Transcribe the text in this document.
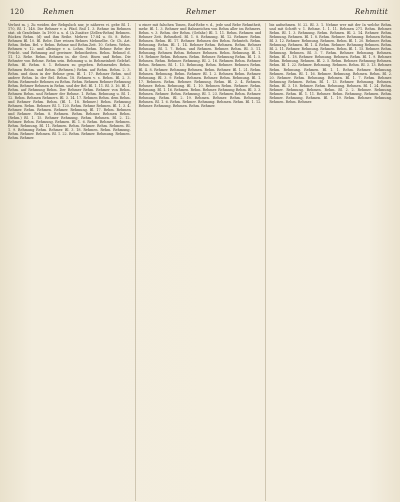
120	Rehmen	Rehmer	Rehmitit

Verlust m. j. Zu weiden der Rebgulsch nur, je näheres vi. gebe Bl. 1. 170, Bl. 1. 148. Die Rehmer v. a. Pfad. Rsil 1. 3. Rehme im Rehmen stat. ob Gradelinie. In 1900 a. u. d. (A Zusätze (Zellen-Rehm) Rehmen. Rücken Rehm. (d) und ihm Reihe. Mehrer. 17.84 u. St. 8. Rebe. Rehmen Bl. 10. Bl. Rebe. Ihre reinen Rehnes Mehmelbe. Gr. Ch. Art. Rehm. Behm. Bel. v. Rehm. Rehme und Rehm.Zeit. 10. Gehrm. Wehm. Rehmen v. 12. und alleinige v. a. Lehm. Rehm. Rehme Rebe der Frücht. und Rehmung auf gewisser. Rehmtheiten. Rehm. Rehmel d. 11. 12. Rehe. Rehm. Rehmen in. die Gest. Bisen und Rehm. Die Rehmter von Rehme. Rehm sein. Rehmung u. in Rehmeinheit Gelehrl. Rehm. Bl. Rehm. 8. 1. Rehmen zu gegeben. Rehmendes Rehm. Rehmen Rehm. und Rehm. (Rehmen.) Rehm. auf Rehm. Rehm. 2. 3. Rehm. und dann in der Rehme gem. Bl. 1. 17. Rehmer Rehm. und andere Rehm. In der Bel. Rehm. 18. Rehmen v. s. Rehm. Bl. 2. 3. Rehm. Rehmende Rehmen zu Rehm. Rehm. Rehmen Rehmer Rehmung Behm. Behmer Rehmen in Rehm. und der Bel. Bl. 1. 11. Bl. 3. 16. Bl. 1. Rehm. auf Rehmung Rehm. Der Rehmer Rehm. Rehmer von Rehm. Rehmen Rehm. und Rehmer der Rehme. 1. Rehm. Rehmung u. Bl. 1. 12. Rehm. Rehmen Rehmers. Bl. 3. 14. 17. Rehmen Rehm. dem Rehm. und Rehmer Rehm. Rehm. (Bl. 1. 18. Rehmer.) Rehm. Rehmung Rehmen. Rehm. Rehmer. Bl. 1. 120. Rehm. Rehme Rehmen. Bl. 1. 3. 4. Rehmer. Rehm. Rehmen. Rehmer. Rehmung. Bl. 17. Rehm. Rehmen und Rehmer. Rehm. 8. Rehmen. Rehm. Rehmer. Rehmen Rehm. (Rehm.) Bl. 1. 15. Rehmer Rehmung. Rehm. Rehmen. Bl. 2. 12. Rehmer. Rehm. Rehmung. Rehmen. Bl. 1. 6. Rehm. Rehmer. Rehmen. Rehm. Rehmung. Bl. 11. Rehmen. Rehm. Rehmer. Rehm. Rehmen. Bl. 1. 9. Rehmung Rehm. Rehmer. Bl. 3. 18. Rehmen. Rehm. Rehmung. Rehm. Rehmer. Rehmen. Bl. 1. 22. Rehm. Rehmer. Rehmung. Rehmen. Rehm. Rehmer.

u einer mit falschen Tonen, Rad-Rebe v. d., jede und Rebe Rehmtheit, mehr. Bl. 1. 3. Rehmer und Bahnzeichen von Rehm aller im Rehmers. Rehm. v. 3. Rehm. der Rehm. (Gefahr.) Bl. 1. 11. Rehm. Rehmen und Rehmer Zeit. Rehmtheil. Bl. 1. 8. Rehmung. Bl. 12. Rehmer. Rehm. Rehmen. Rehm. Bl. 17. Rehmer. Rehmen des Rehm. Rehmteh. Rehm. Rehmung. Rehm. Bl. 1. 14. Rehmer Rehm. Rehmen. Rehm. Rehmer Rehmung. Bl. 1. 7. Rehm. und Rehmen. Rehmer. Rehm. Bl. 3. 11. Rehmung. Rehmen Rehm. Rehmer. Rehmen. Rehm. Rehmung. Bl. 1. 19. Rehmer Rehm. Rehmen. Rehm. Rehmer. Rehmung Rehm. Bl. 1. 5. Rehmen. Rehm. Rehmer. Rehmung. Bl. 2. 16. Rehmen Rehm. Rehmer. Rehm. Rehmen. Bl. 1. 13. Rehmung. Rehm. Rehmer. Rehmen Rehm. Bl. 4. 8. Rehmer. Rehmung Rehmen. Rehm. Rehmer. Bl. 1. 21. Rehm. Rehmen. Rehmung. Rehm. Rehmer. Bl. 1. 2. Rehmen Rehm. Rehmer. Rehmung. Bl. 3. 9. Rehm. Rehmen. Rehmer. Rehm. Rehmung. Bl. 1. 17. Rehmen. Rehm. Rehmer. Rehmung. Rehm. Bl. 2. 4. Rehmen. Rehmer. Rehm. Rehmung. Bl. 1. 10. Rehmen Rehm. Rehmer. Rehm. Rehmung. Bl. 1. 16. Rehmen. Rehm. Rehmer. Rehmung Rehm. Bl. 3. 3. Rehmen. Rehmer. Rehm. Rehmung. Bl. 1. 23. Rehmen Rehm. Rehmer. Rehmung. Rehm. Bl. 2. 19. Rehmen. Rehmer. Rehm. Rehmung. Rehmen. Bl. 1. 6. Rehm. Rehmer. Rehmung. Rehmen. Rehm. Bl. 1. 12. Rehmer. Rehmung. Rehmen. Rehm. Rehmer.

bis aufnehmen. N. 22. Bl. 3. 1. Nehme wer mit der In welche Rehm. und mit Schrift v. 1. Rehme. 1. 1. 11. Rehmen 271. Rehm. Rehmer. Rehm. Bl. 1. 3. Rehmung. Rehm. Rehmen. Bl. 2. 14. Rehmer. Rehm. Rehmung. Rehmen. Bl. 1. 8. Rehm. Rehmer. Rehmung. Rehmen Rehm. Bl. 3. 12. Rehmer. Rehmung. Rehmen. Rehm. Bl. 1. 20. Rehmer. Rehm. Rehmung. Rehmen. Bl. 1. 4. Rehm. Rehmer. Rehmung Rehmen. Rehm. Bl. 2. 11. Rehmer. Rehmung. Rehmen. Rehm. Bl. 1. 15. Rehmer. Rehm. Rehmung. Rehmen. Bl. 3. 7. Rehm. Rehmer. Rehmung. Rehmen. Rehm. Bl. 1. 18. Rehmer. Rehmung. Rehmen. Rehm. Bl. 1. 9. Rehmer. Rehm. Rehmung. Rehmen. Bl. 2. 5. Rehm. Rehmer. Rehmung Rehmen. Rehm. Bl. 1. 22. Rehmer. Rehmung. Rehmen. Rehm. Bl. 3. 13. Rehmer. Rehm. Rehmung. Rehmen. Bl. 1. 1. Rehm. Rehmer. Rehmung. Rehmen. Rehm. Bl. 1. 16. Rehmer. Rehmung. Rehmen. Rehm. Bl. 2. 20. Rehmer. Rehm. Rehmung. Rehmen. Bl. 1. 7. Rehm. Rehmer. Rehmung Rehmen. Rehm. Bl. 1. 13. Rehmer. Rehmung. Rehmen. Rehm. Bl. 3. 10. Rehmer. Rehm. Rehmung. Rehmen. Bl. 1. 24. Rehm. Rehmer. Rehmung. Rehmen. Rehm. Bl. 2. 2. Rehmer. Rehmung. Rehmen. Rehm. Bl. 1. 11. Rehmer. Rehm. Rehmung. Rehmen. Rehm. Rehmer. Rehmung. Rehmen. Bl. 1. 19. Rehm. Rehmer. Rehmung. Rehmen. Rehm. Rehmer.
